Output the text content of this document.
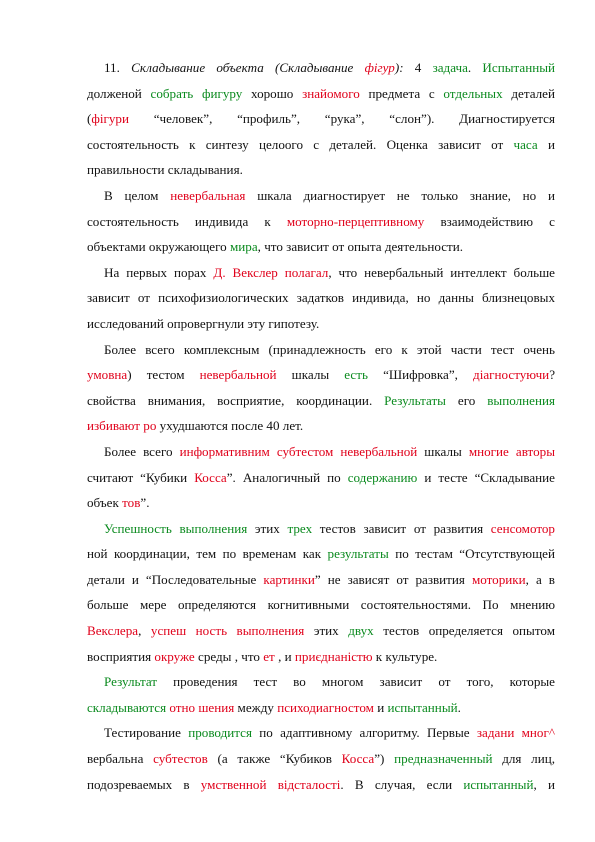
11. Складывание объекта (Складывание фігур): 4 задача. Испытанный
долженой собрать фигуру хорошо знайомого предмета с отдельных деталей
(фігури “человек”, “профиль”, “рука”, “слон”). Диагностируется
состоятельность к синтезу целоого с деталей. Оценка зависит от часа и
правильности складывания.

В целом невербальная шкала диагностирует не только знание, но и
состоятельность индивида к моторно-перцептивному взаимодействию с
объектами окружающего мира, что зависит от опыта деятельности.

На первых порах Д. Векслер полагал, что невербальный интеллект больше
зависит от психофизиологических задатков индивида, но данны близнецовых
исследований опровергнули эту гипотезу.

Более всего комплексным (принадлежность его к этой части тест очень
умовна) тестом невербальной шкалы есть “Шифровка”, діагностуючи?
свойства внимания, восприятие, координации. Результаты его выполнения
избивают ро ухудшаются после 40 лет.

Более всего информативним субтестом невербальной шкалы многие авторы
считают “Кубики Косса”. Аналогичный по содержанию и тесте “Складывание
объек тов”.

Успешность выполнения этих трех тестов зависит от развития сенсомотор
ной координации, тем по временам как результаты по тестам “Отсутствующей
детали и “Последовательные картинки” не зависят от развития моторики, а в
больше мере определяются когнитивными состоятельностями. По мнению
Векслера, успеш ность выполнения этих двух тестов определяется опытом
восприятия окруже среды , что ет , и приєднаністю к культуре.

Результат проведения тест во многом зависит от того, которые
складываются отно шения между психодиагностом и испытанный.

Тестирование проводится по адаптивному алгоритму. Первые задани мног^
вербальна субтестов (а также “Кубиков Косса”) предназначенный для лиц,
подозреваемых в умственной відсталості. В случая, если испытанный, и
